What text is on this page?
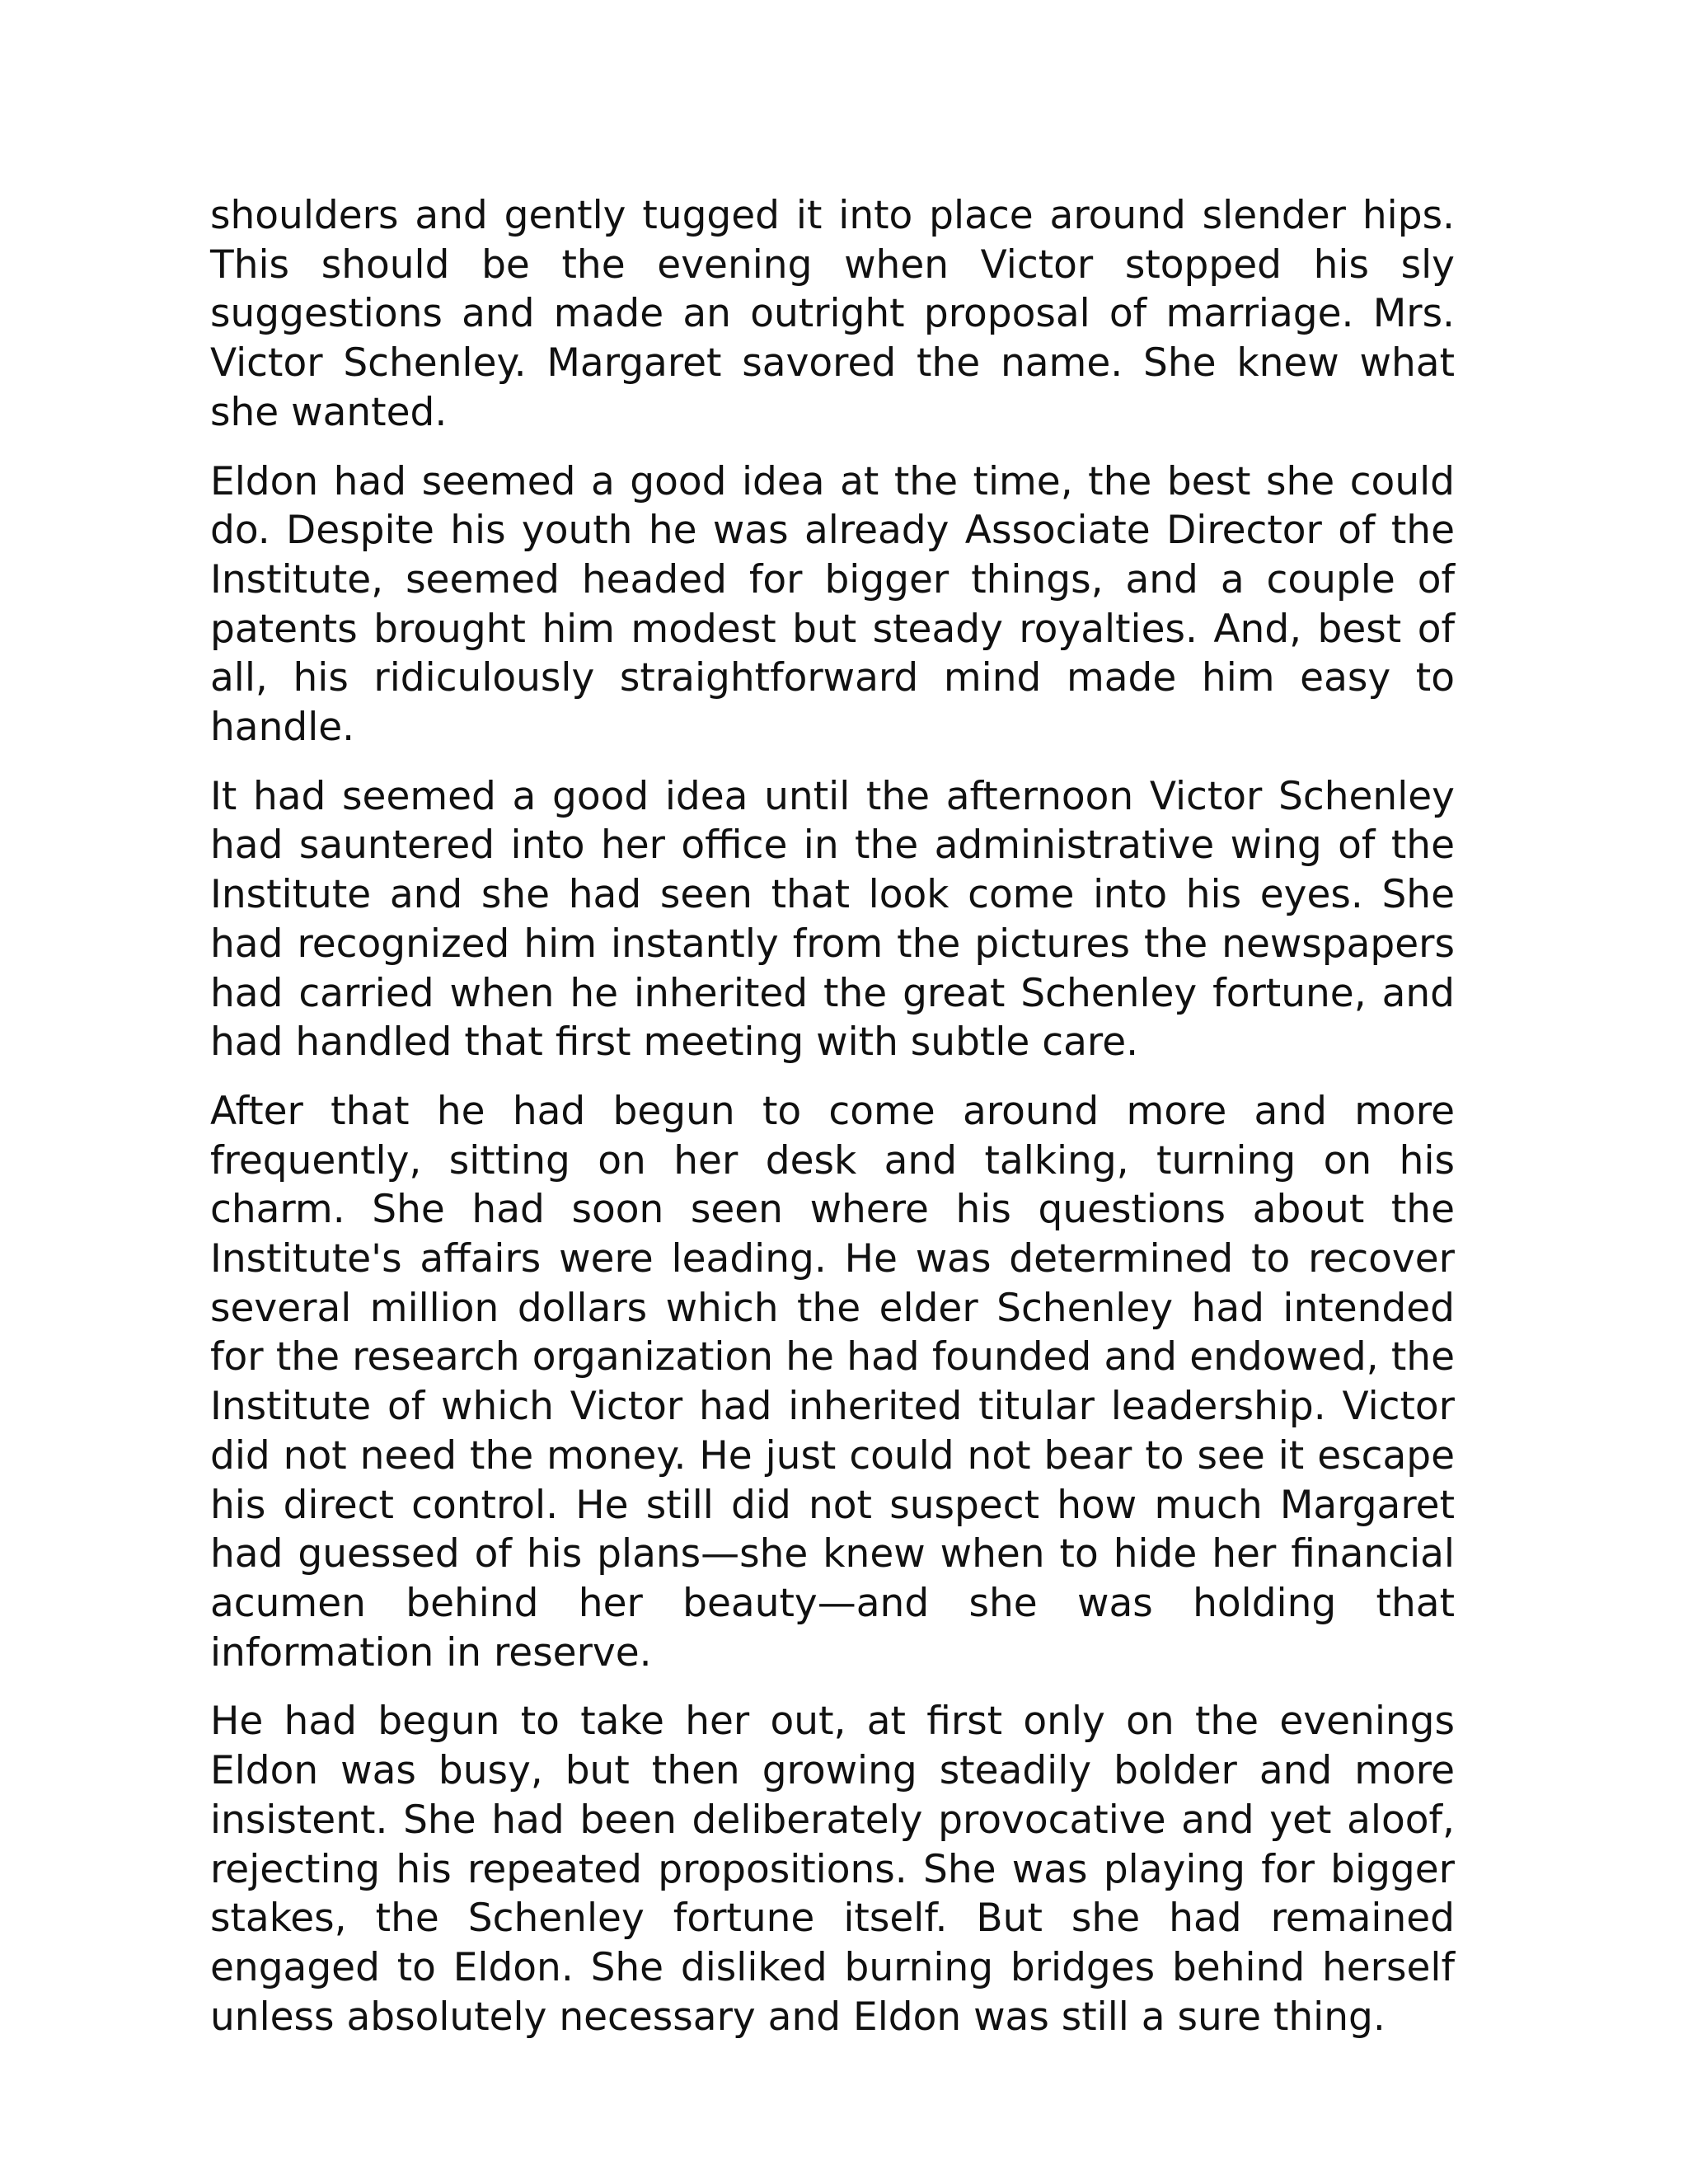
shoulders and gently tugged it into place around slender hips. This should be the evening when Victor stopped his sly suggestions and made an outright proposal of marriage. Mrs. Victor Schenley. Margaret savored the name. She knew what she wanted.

Eldon had seemed a good idea at the time, the best she could do. Despite his youth he was already Associate Director of the Institute, seemed headed for bigger things, and a couple of patents brought him modest but steady royalties. And, best of all, his ridiculously straightforward mind made him easy to handle.

It had seemed a good idea until the afternoon Victor Schenley had sauntered into her office in the administrative wing of the Institute and she had seen that look come into his eyes. She had recognized him instantly from the pictures the newspapers had carried when he inherited the great Schenley fortune, and had handled that first meeting with subtle care.

After that he had begun to come around more and more frequently, sitting on her desk and talking, turning on his charm. She had soon seen where his questions about the Institute's affairs were leading. He was determined to recover several million dollars which the elder Schenley had intended for the research organization he had founded and endowed, the Institute of which Victor had inherited titular leadership. Victor did not need the money. He just could not bear to see it escape his direct control. He still did not suspect how much Margaret had guessed of his plans—she knew when to hide her financial acumen behind her beauty—and she was holding that information in reserve.

He had begun to take her out, at first only on the evenings Eldon was busy, but then growing steadily bolder and more insistent. She had been deliberately provocative and yet aloof, rejecting his repeated propositions. She was playing for bigger stakes, the Schenley fortune itself. But she had remained engaged to Eldon. She disliked burning bridges behind herself unless absolutely necessary and Eldon was still a sure thing.
